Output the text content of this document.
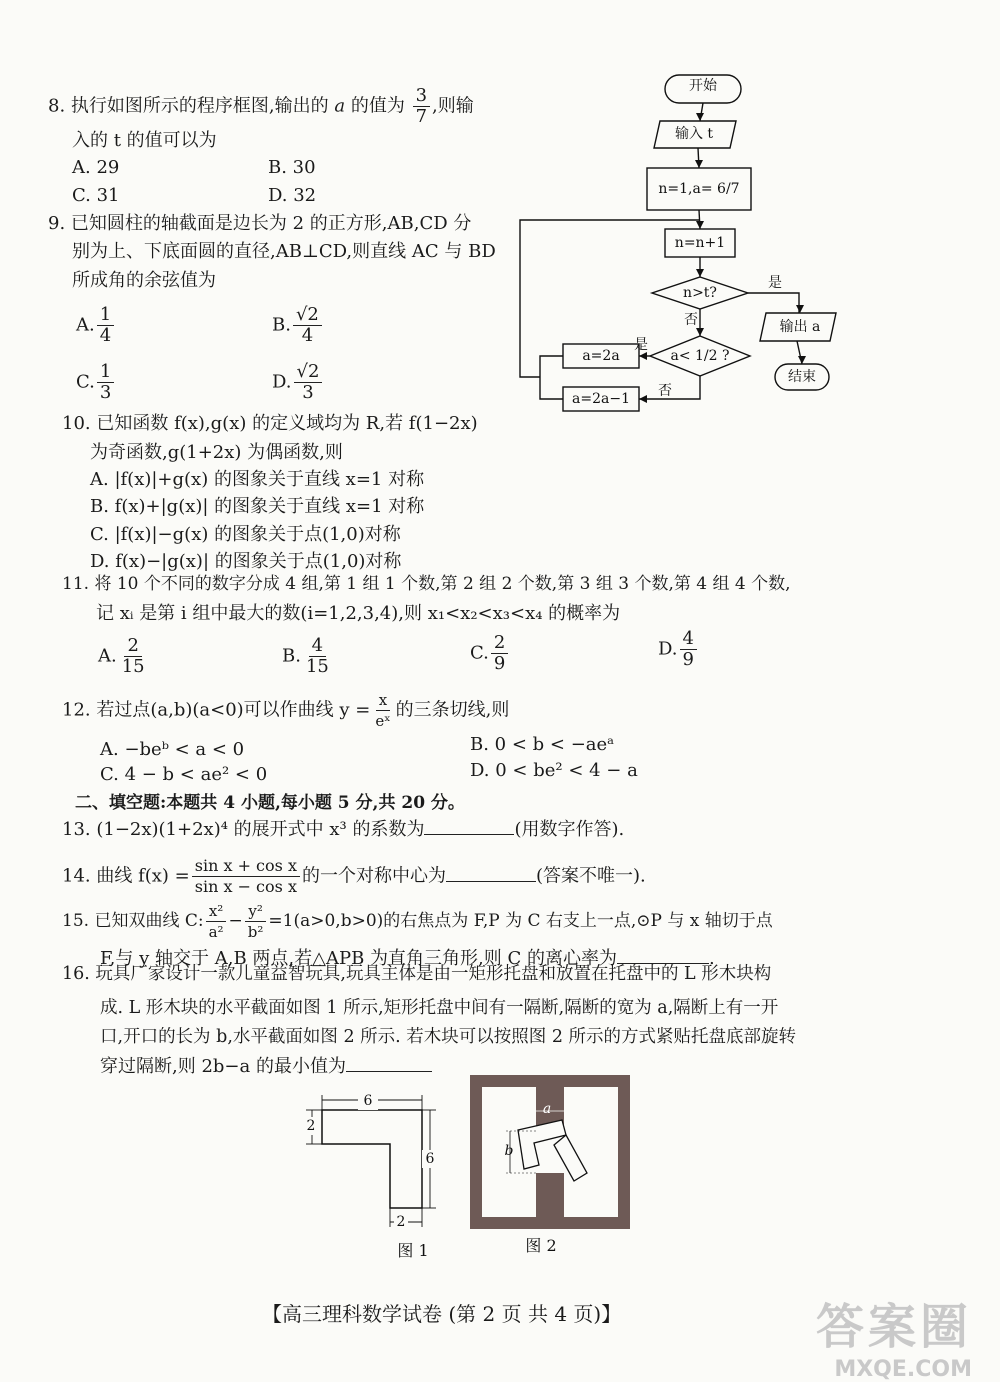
8. 执行如图所示的程序框图,输出的 a 的值为 $\frac{3}{7}$ ,则输
入的 t 的值可以为
A. 29	B. 30
C. 31	D. 32
开始
输入 t
n=1,a= 6/7
n=n+1
n>t?
是
否	输出 a
结束
a< 1/2 ?
是
否
a=2a
a=2a−1
9. 已知圆柱的轴截面是边长为 2 的正方形,AB,CD 分
别为上、下底面圆的直径,AB⊥CD,则直线 AC 与 BD
所成角的余弦值为
A. $\frac{1}{4}$	B. $\frac{√2}{4}$
C. $\frac{1}{3}$	D. $\frac{√2}{3}$
10. 已知函数 f(x),g(x) 的定义域均为 R,若 f(1−2x)
为奇函数,g(1+2x) 为偶函数,则
A. |f(x)|+g(x) 的图象关于直线 x=1 对称
B. f(x)+|g(x)| 的图象关于直线 x=1 对称
C. |f(x)|−g(x) 的图象关于点(1,0)对称
D. f(x)−|g(x)| 的图象关于点(1,0)对称
11. 将 10 个不同的数字分成 4 组,第 1 组 1 个数,第 2 组 2 个数,第 3 组 3 个数,第 4 组 4 个数,
记 xᵢ 是第 i 组中最大的数(i=1,2,3,4),则 x₁<x₂<x₃<x₄ 的概率为
A. $\frac{2}{15}$	B. $\frac{4}{15}$	C. $\frac{2}{9}$	D. $\frac{4}{9}$
12. 若过点(a,b)(a<0)可以作曲线 $y = \frac{x}{\text{eˣ}}$ 的三条切线,则
A. −beᵇ < a < 0	B. 0 < b < −aeᵃ
C. 4 − b < ae² < 0	D. 0 < be² < 4 − a
二、填空题:本题共 4 小题,每小题 5 分,共 20 分。
13. (1−2x)(1+2x)⁴ 的展开式中 x³ 的系数为	(用数字作答).
14. 曲线 $f(x) = \frac{\text{sin x + cos x}}{\text{sin x − cos x}}$ 的一个对称中心为	(答案不唯一).
15. 已知双曲线 C: $\frac{\text{x²}}{\text{a²}} - \frac{\text{y²}}{\text{b²}} =1(a>0,b>0)$的右焦点为 F,P 为 C 右支上一点,⊙P 与 x 轴切于点
F,与 y 轴交于 A,B 两点,若△APB 为直角三角形,则 C 的离心率为	.
16. 玩具厂家设计一款儿童益智玩具,玩具主体是由一矩形托盘和放置在托盘中的 L 形木块构
成. L 形木块的水平截面如图 1 所示,矩形托盘中间有一隔断,隔断的宽为 a,隔断上有一开
口,开口的长为 b,水平截面如图 2 所示. 若木块可以按照图 2 所示的方式紧贴托盘底部旋转
穿过隔断,则 2b−a 的最小值为
6
2
6
2
图 1
a
b
图 2
【高三理科数学试卷 (第 2 页 共 4 页)】	答案圈
MXQE.COM
